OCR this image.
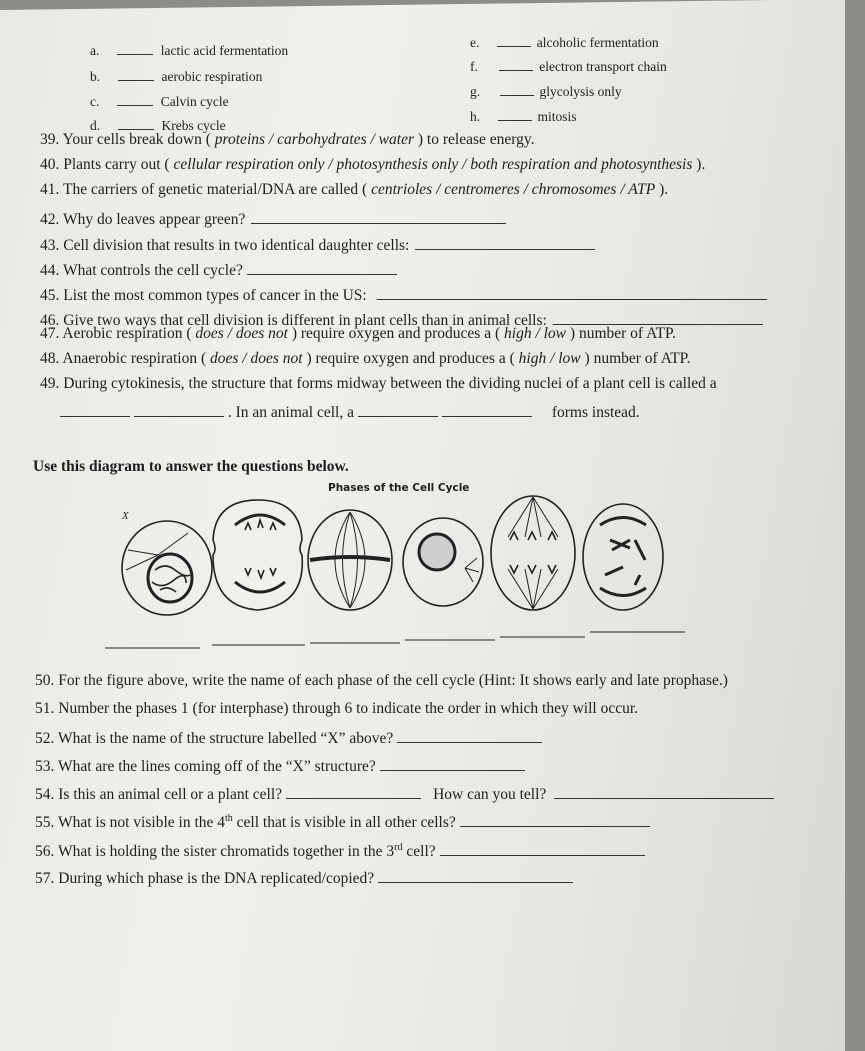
a.	lactic acid fermentation
b.	aerobic respiration
c.	Calvin cycle
d.	Krebs cycle
e.	alcoholic fermentation
f.	electron transport chain
g.	glycolysis only
h.	mitosis
39. Your cells break down ( proteins / carbohydrates / water ) to release energy.
40. Plants carry out ( cellular respiration only / photosynthesis only / both respiration and photosynthesis ).
41. The carriers of genetic material/DNA are called ( centrioles / centromeres / chromosomes / ATP ).
42. Why do leaves appear green?
43. Cell division that results in two identical daughter cells:
44. What controls the cell cycle?
45. List the most common types of cancer in the US:
46. Give two ways that cell division is different in plant cells than in animal cells:
47. Aerobic respiration ( does / does not ) require oxygen and produces a ( high / low ) number of ATP.
48. Anaerobic respiration ( does / does not ) require oxygen and produces a ( high / low ) number of ATP.
49. During cytokinesis, the structure that forms midway between the dividing nuclei of a plant cell is called a
. In an animal cell, a	forms instead.
Use this diagram to answer the questions below.
Phases of the Cell Cycle
X
50. For the figure above, write the name of each phase of the cell cycle (Hint: It shows early and late prophase.)
51. Number the phases 1 (for interphase) through 6 to indicate the order in which they will occur.
52. What is the name of the structure labelled “X” above?
53. What are the lines coming off of the “X” structure?
54. Is this an animal cell or a plant cell?	How can you tell?
55. What is not visible in the 4th cell that is visible in all other cells?
56. What is holding the sister chromatids together in the 3rd cell?
57. During which phase is the DNA replicated/copied?
